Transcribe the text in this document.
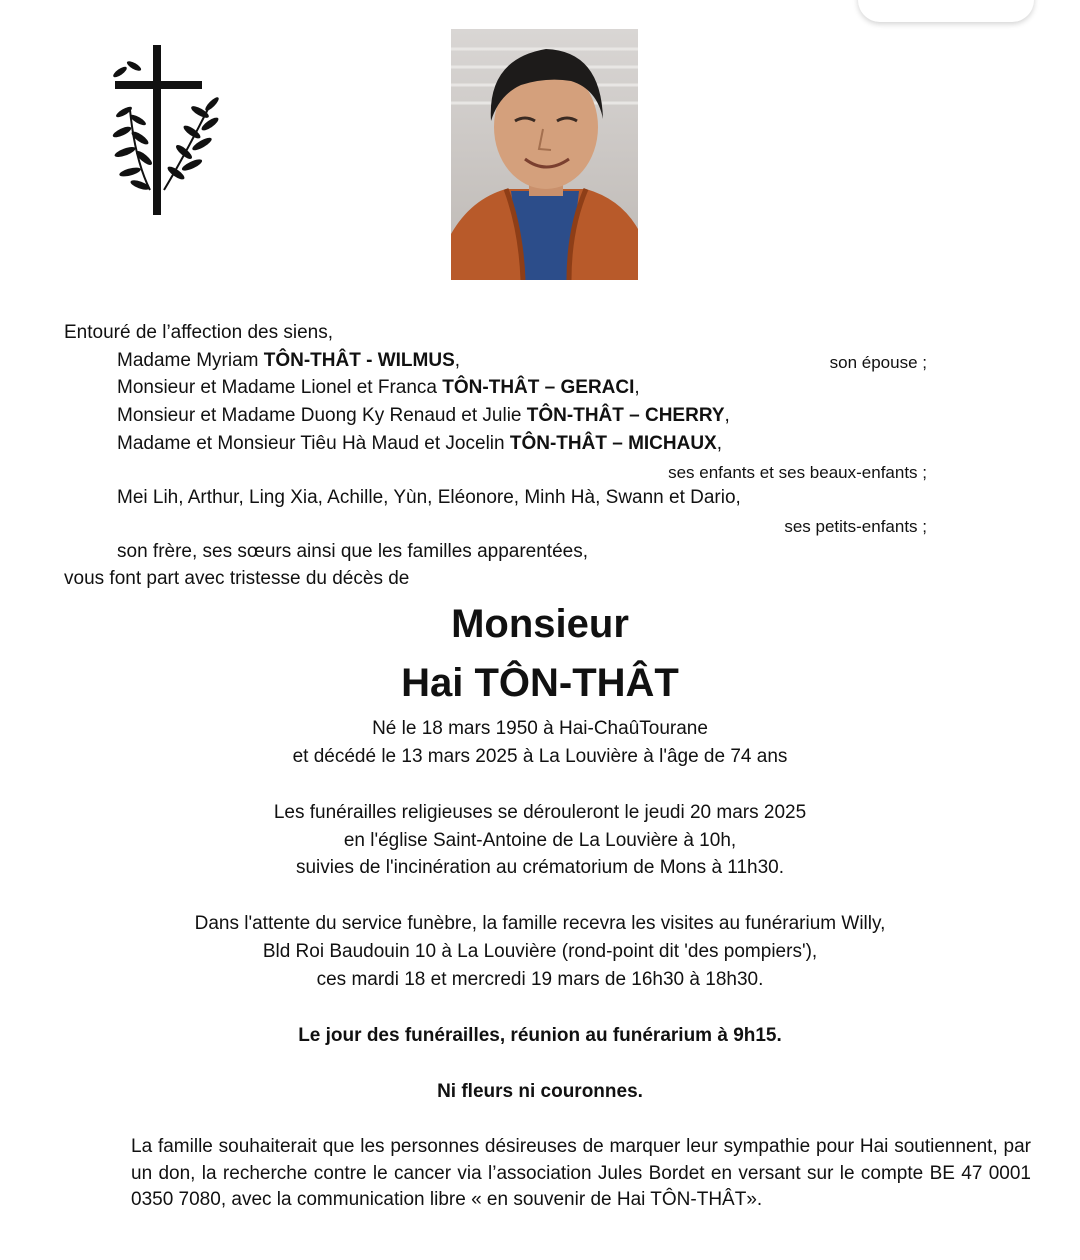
Entouré de l’affection des siens,
Madame Myriam TÔN-THÂT - WILMUS,	son épouse ;
Monsieur et Madame Lionel et Franca TÔN-THÂT – GERACI,
Monsieur et Madame Duong Ky Renaud et Julie TÔN-THÂT – CHERRY,
Madame et Monsieur Tiêu Hà Maud et Jocelin TÔN-THÂT – MICHAUX,
ses enfants et ses beaux-enfants ;
Mei Lih, Arthur, Ling Xia, Achille, Yùn, Eléonore, Minh Hà, Swann et Dario,
ses petits-enfants ;
son frère, ses sœurs ainsi que les familles apparentées,
vous font part avec tristesse du décès de
Monsieur
Hai TÔN-THÂT
Né le 18 mars 1950 à Hai-ChaûTourane
et décédé le 13 mars 2025 à La Louvière à l'âge de 74 ans
Les funérailles religieuses se dérouleront le jeudi 20 mars 2025
en l'église Saint-Antoine de La Louvière à 10h,
suivies de l'incinération au crématorium de Mons à 11h30.
Dans l'attente du service funèbre, la famille recevra les visites au funérarium Willy,
Bld Roi Baudouin 10 à La Louvière (rond-point dit 'des pompiers'),
ces mardi 18 et mercredi 19 mars de 16h30 à 18h30.
Le jour des funérailles, réunion au funérarium à 9h15.
Ni fleurs ni couronnes.
La famille souhaiterait que les personnes désireuses de marquer leur sympathie pour Hai soutiennent, par un don, la recherche contre le cancer via l’association Jules Bordet en versant sur le compte BE 47 0001 0350 7080, avec la communication libre « en souvenir de Hai TÔN-THÂT».
